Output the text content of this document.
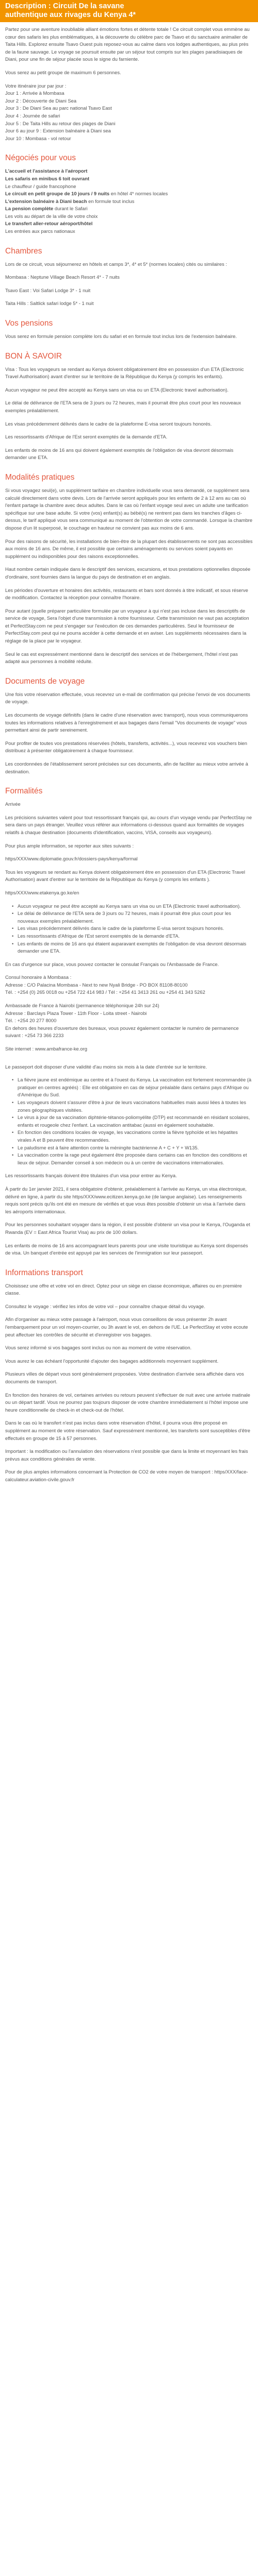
Description : Circuit De la savane
authentique aux rivages du Kenya 4*

Partez pour une aventure inoubliable alliant émotions fortes et détente totale ! Ce circuit complet vous emmène au cœur des safaris les plus emblématiques, à la découverte du célèbre parc de Tsavo et du sanctuaire animalier de Taita Hills. Explorez ensuite Tsavo Ouest puis reposez-vous au calme dans vos lodges authentiques, au plus près de la faune sauvage. Le voyage se poursuit ensuite par un séjour tout compris sur les plages paradisiaques de Diani, pour une fin de séjour placée sous le signe du farniente.

Vous serez au petit groupe de maximum 6 personnes.

Votre itinéraire jour par jour :
Jour 1 : Arrivée à Mombasa
Jour 2 : Découverte de Diani Sea
Jour 3 : De Diani Sea au parc national Tsavo East
Jour 4 : Journée de safari
Jour 5 : De Taita Hills au retour des plages de Diani
Jour 6 au jour 9 : Extension balnéaire à Diani sea
Jour 10 : Mombasa - vol retour
Négociés pour vous
L'accueil et l'assistance à l'aéroport
Les safaris en minibus 6 toit ouvrant
Le chauffeur / guide francophone
Le circuit en petit groupe de 10 jours / 9 nuits en hôtel 4* normes locales
L'extension balnéaire à Diani beach en formule tout inclus
La pension complète durant le Safari
Les vols au départ de la ville de votre choix
Le transfert aller-retour aéroport/hôtel
Les entrées aux parcs nationaux
Chambres

Lors de ce circuit, vous séjournerez en hôtels et camps 3*, 4* et 5* (normes locales) cités ou similaires :

Mombasa : Neptune Village Beach Resort 4* - 7 nuits

Tsavo East : Voi Safari Lodge 3* - 1 nuit

Taita Hills : Saltlick safari lodge 5* - 1 nuit

Vos pensions

Vous serez en formule pension complète lors du safari et en formule tout inclus lors de l'extension balnéaire.

BON À SAVOIR

Visa : Tous les voyageurs se rendant au Kenya doivent obligatoirement être en possession d'un ETA (Electronic Travel Authorisation) avant d'entrer sur le territoire de la République du Kenya (y compris les enfants).

Aucun voyageur ne peut être accepté au Kenya sans un visa ou un ETA (Electronic travel authorisation).

Le délai de délivrance de l'ETA sera de 3 jours ou 72 heures, mais il pourrait être plus court pour les nouveaux exemples préalablement.

Les visas précédemment délivrés dans le cadre de la plateforme E-visa seront toujours honorés.

Les ressortissants d'Afrique de l'Est seront exemptés de la demande d'ETA.

Les enfants de moins de 16 ans qui doivent également exemptés de l'obligation de visa devront désormais demander une ETA.

Modalités pratiques

Si vous voyagez seul(e), un supplément tarifaire en chambre individuelle vous sera demandé, ce supplément sera calculé directement dans votre devis. Lors de l'arrivée seront appliqués pour les enfants de 2 à 12 ans au cas où l'enfant partage la chambre avec deux adultes. Dans le cas où l'enfant voyage seul avec un adulte une tarification spécifique sur une base adulte. Si votre (vos) enfant(s) au bébé(s) ne rentrent pas dans les tranches d'âges ci-dessus, le tarif appliqué vous sera communiqué au moment de l'obtention de votre commandé. Lorsque la chambre dispose d'un lit superposé, le couchage en hauteur ne convient pas aux moins de 6 ans.

Pour des raisons de sécurité, les installations de bien-être de la plupart des établissements ne sont pas accessibles aux moins de 16 ans. De même, il est possible que certains aménagements ou services soient payants en supplément ou indisponibles pour des raisons exceptionnelles.

Haut nombre certain indiquée dans le descriptif des services, excursions, et tous prestations optionnelles disposée d'ordinaire, sont fournies dans la langue du pays de destination et en anglais.

Les périodes d'ouverture et horaires des activités, restaurants et bars sont donnés à titre indicatif, et sous réserve de modification. Contactez la réception pour connaître l'horaire.

Pour autant (quelle préparer particulière formulée par un voyageur à qui n'est pas incluse dans les descriptifs de service de voyage, Sera l'objet d'une transmission à notre fournisseur. Cette transmission ne vaut pas acceptation et PerfectStay.com ne peut s'engager sur l'exécution de ces demandes particulières. Seul le fournisseur de PerfectStay.com peut qui ne pourra accéder à cette demande et en aviser. Les suppléments nécessaires dans la réglage de la place par le voyageur.

Seul le cas est expressément mentionné dans le descriptif des services et de l'hébergement, l'hôtel n'est pas adapté aux personnes à mobilité réduite.

Documents de voyage

Une fois votre réservation effectuée, vous recevrez un e-mail de confirmation qui précise l'envoi de vos documents de voyage.

Les documents de voyage définitifs (dans le cadre d'une réservation avec transport), nous vous communiquerons toutes les informations relatives à l'enregistrement et aux bagages dans l'email "Vos documents de voyage" vous permettant ainsi de partir sereinement.

Pour profiter de toutes vos prestations réservées (hôtels, transferts, activités...), vous recevrez vos vouchers bien distribuez à présenter obligatoirement à chaque fournisseur.

Les coordonnées de l'établissement seront précisées sur ces documents, afin de faciliter au mieux votre arrivée à destination.

Formalités

Arrivée

Les précisions suivantes valent pour tout ressortissant français qui, au cours d'un voyage vendu par PerfectStay ne sera dans un pays étranger. Veuillez vous référer aux informations ci-dessous quand aux formalités de voyages relatifs à chaque destination (documents d'identification, vaccins, VISA, conseils aux voyageurs).

Pour plus ample information, se reporter aux sites suivants :

https/XXX/www.diplomatie.gouv.fr/dossiers-pays/kenya/formal

Tous les voyageurs se rendant au Kenya doivent obligatoirement être en possession d'un ETA (Electronic Travel Authorisation) avant d'entrer sur le territoire de la République du Kenya (y compris les enfants ).

https/XXX/www.etakenya.go.ke/en

• Aucun voyageur ne peut être accepté au Kenya sans un visa ou un ETA (Electronic travel authorisation).
• Le délai de délivrance de l'ETA sera de 3 jours ou 72 heures, mais il pourrait être plus court pour les nouveaux exemples préalablement.
• Les visas précédemment délivrés dans le cadre de la plateforme E-visa seront toujours honorés.
• Les ressortissants d'Afrique de l'Est seront exemptés de la demande d'ETA.
• Les enfants de moins de 16 ans qui étaient auparavant exemptés de l'obligation de visa devront désormais demander une ETA.

En cas d'urgence sur place, vous pouvez contacter le consulat Français ou l'Ambassade de France.

Consul honoraire à Mombasa :
Adresse : C/O Palacina Mombasa - Next to new Nyali Bridge - PO BOX 81108-80100
Tél. : +254 (0) 265 0018 ou +254 722 414 983 / Tél : +254 41 3413 261 ou +254 41 343 5262
Ambassade de France à Nairobi (permanence téléphonique 24h sur 24)
Adresse : Barclays Plaza Tower - 11th Floor - Loita street - Nairobi
Tél. : +254 20 277 8000
En dehors des heures d'ouverture des bureaux, vous pouvez également contacter le numéro de permanence suivant : +254 73 366 2233

Site internet : www.ambafrance-ke.org

Le passeport doit disposer d'une validité d'au moins six mois à la date d'entrée sur le territoire.

• La fièvre jaune est endémique au centre et à l'ouest du Kenya. La vaccination est fortement recommandée (à pratiquer en centres agréés) : Elle est obligatoire en cas de séjour préalable dans certains pays d'Afrique ou d'Amérique du Sud.
• Les voyageurs doivent s'assurer d'être à jour de leurs vaccinations habituelles mais aussi liées à toutes les zones géographiques visitées.
• Le virus à jour de sa vaccination diphtérie-tétanos-poliomyélite (DTP) est recommandé en résidant scolaires, enfants et rougeole chez l'enfant. La vaccination antitabac (aussi en également souhaitable.
• En fonction des conditions locales de voyage, les vaccinations contre la fièvre typhoïde et les hépatites virales A et B peuvent être recommandées.
• Le paludisme est à faire attention contre la méningite bactérienne A + C + Y + W135.
• La vaccination contre la rage peut également être proposée dans certains cas en fonction des conditions et lieux de séjour. Demander conseil à son médecin ou à un centre de vaccinations internationales.

Les ressortissants français doivent être titulaires d'un visa pour entrer au Kenya.

À partir du 1er janvier 2021, il sera obligatoire d'obtenir, préalablement à l'arrivée au Kenya, un visa électronique, délivré en ligne, à partir du site https/XXX/www.ecitizen.kenya.go.ke (de langue anglaise). Les renseignements requis sont précis qu'ils ont été en mesure de vérifiés et que vous êtes possible d'obtenir un visa à l'arrivée dans les aéroports internationaux.

Pour les personnes souhaitant voyager dans la région, il est possible d'obtenir un visa pour le Kenya, l'Ouganda et Rwanda (EV = East Africa Tourist Visa) au prix de 100 dollars.

Les enfants de moins de 16 ans accompagnant leurs parents pour une visite touristique au Kenya sont dispensés de visa. Un banquet d'entrée est appuyé par les services de l'immigration sur leur passeport.

Informations transport

Choisissez une offre et votre vol en direct. Optez pour un siège en classe économique, affaires ou en première classe.

Consultez le voyage : vérifiez les infos de votre vol – pour connaître chaque détail du voyage.

Afin d'organiser au mieux votre passage à l'aéroport, nous vous conseillons de vous présenter 2h avant l'embarquement pour un vol moyen-courrier, ou 3h avant le vol, en dehors de l'UE. Le PerfectStay et votre ecoute peut affectuer les contrôles de sécurité et d'enregistrer vos bagages.

Vous serez informé si vos bagages sont inclus ou non au moment de votre réservation.

Vous aurez le cas échéant l'opportunité d'ajouter des bagages additionnels moyennant supplément.

Plusieurs villes de départ vous sont généralement proposées. Votre destination d'arrivée sera affichée dans vos documents de transport.

En fonction des horaires de vol, certaines arrivées ou retours peuvent s'effectuer de nuit avec une arrivée matinale ou un départ tardif. Vous ne pourrez pas toujours disposer de votre chambre immédiatement si l'hôtel impose une heure conditionnelle de check-in et check-out de l'hôtel.

Dans le cas où le transfert n'est pas inclus dans votre réservation d'hôtel, il pourra vous être proposé en supplément au moment de votre réservation. Sauf expressément mentionné, les transferts sont susceptibles d'être effectués en groupe de 15 à 57 personnes.

Important : la modification ou l'annulation des réservations n'est possible que dans la limite et moyennant les frais prévus aux conditions générales de vente.

Pour de plus amples informations concernant la Protection de CO2 de votre moyen de transport : https/XXX/face-calculateur.aviation-civile.gouv.fr
